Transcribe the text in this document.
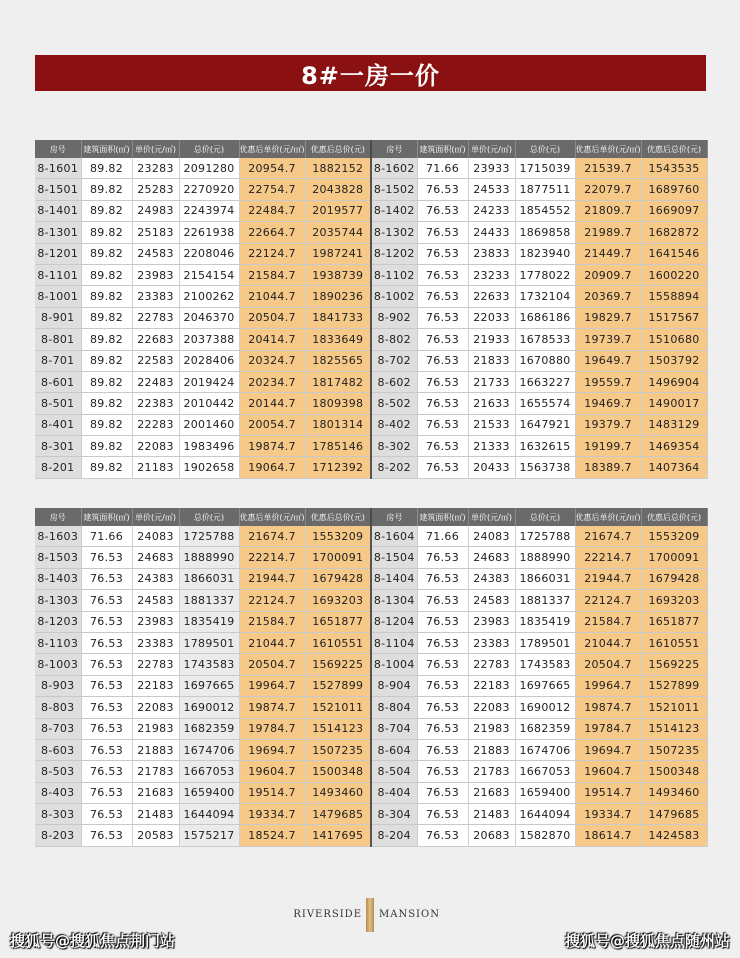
8#一房一价
房号	建筑面积(㎡)	单价(元/㎡)	总价(元)	优惠后单价(元/㎡)	优惠后总价(元)	房号	建筑面积(㎡)	单价(元/㎡)	总价(元)	优惠后单价(元/㎡)	优惠后总价(元)
8-1601	89.82	23283	2091280	20954.7	1882152	8-1602	71.66	23933	1715039	21539.7	1543535
8-1501	89.82	25283	2270920	22754.7	2043828	8-1502	76.53	24533	1877511	22079.7	1689760
8-1401	89.82	24983	2243974	22484.7	2019577	8-1402	76.53	24233	1854552	21809.7	1669097
8-1301	89.82	25183	2261938	22664.7	2035744	8-1302	76.53	24433	1869858	21989.7	1682872
8-1201	89.82	24583	2208046	22124.7	1987241	8-1202	76.53	23833	1823940	21449.7	1641546
8-1101	89.82	23983	2154154	21584.7	1938739	8-1102	76.53	23233	1778022	20909.7	1600220
8-1001	89.82	23383	2100262	21044.7	1890236	8-1002	76.53	22633	1732104	20369.7	1558894
8-901	89.82	22783	2046370	20504.7	1841733	8-902	76.53	22033	1686186	19829.7	1517567
8-801	89.82	22683	2037388	20414.7	1833649	8-802	76.53	21933	1678533	19739.7	1510680
8-701	89.82	22583	2028406	20324.7	1825565	8-702	76.53	21833	1670880	19649.7	1503792
8-601	89.82	22483	2019424	20234.7	1817482	8-602	76.53	21733	1663227	19559.7	1496904
8-501	89.82	22383	2010442	20144.7	1809398	8-502	76.53	21633	1655574	19469.7	1490017
8-401	89.82	22283	2001460	20054.7	1801314	8-402	76.53	21533	1647921	19379.7	1483129
8-301	89.82	22083	1983496	19874.7	1785146	8-302	76.53	21333	1632615	19199.7	1469354
8-201	89.82	21183	1902658	19064.7	1712392	8-202	76.53	20433	1563738	18389.7	1407364
房号	建筑面积(㎡)	单价(元/㎡)	总价(元)	优惠后单价(元/㎡)	优惠后总价(元)	房号	建筑面积(㎡)	单价(元/㎡)	总价(元)	优惠后单价(元/㎡)	优惠后总价(元)
8-1603	71.66	24083	1725788	21674.7	1553209	8-1604	71.66	24083	1725788	21674.7	1553209
8-1503	76.53	24683	1888990	22214.7	1700091	8-1504	76.53	24683	1888990	22214.7	1700091
8-1403	76.53	24383	1866031	21944.7	1679428	8-1404	76.53	24383	1866031	21944.7	1679428
8-1303	76.53	24583	1881337	22124.7	1693203	8-1304	76.53	24583	1881337	22124.7	1693203
8-1203	76.53	23983	1835419	21584.7	1651877	8-1204	76.53	23983	1835419	21584.7	1651877
8-1103	76.53	23383	1789501	21044.7	1610551	8-1104	76.53	23383	1789501	21044.7	1610551
8-1003	76.53	22783	1743583	20504.7	1569225	8-1004	76.53	22783	1743583	20504.7	1569225
8-903	76.53	22183	1697665	19964.7	1527899	8-904	76.53	22183	1697665	19964.7	1527899
8-803	76.53	22083	1690012	19874.7	1521011	8-804	76.53	22083	1690012	19874.7	1521011
8-703	76.53	21983	1682359	19784.7	1514123	8-704	76.53	21983	1682359	19784.7	1514123
8-603	76.53	21883	1674706	19694.7	1507235	8-604	76.53	21883	1674706	19694.7	1507235
8-503	76.53	21783	1667053	19604.7	1500348	8-504	76.53	21783	1667053	19604.7	1500348
8-403	76.53	21683	1659400	19514.7	1493460	8-404	76.53	21683	1659400	19514.7	1493460
8-303	76.53	21483	1644094	19334.7	1479685	8-304	76.53	21483	1644094	19334.7	1479685
8-203	76.53	20583	1575217	18524.7	1417695	8-204	76.53	20683	1582870	18614.7	1424583
RIVERSIDE MANSION
搜狐号@搜狐焦点荆门站	搜狐号@搜狐焦点随州站
